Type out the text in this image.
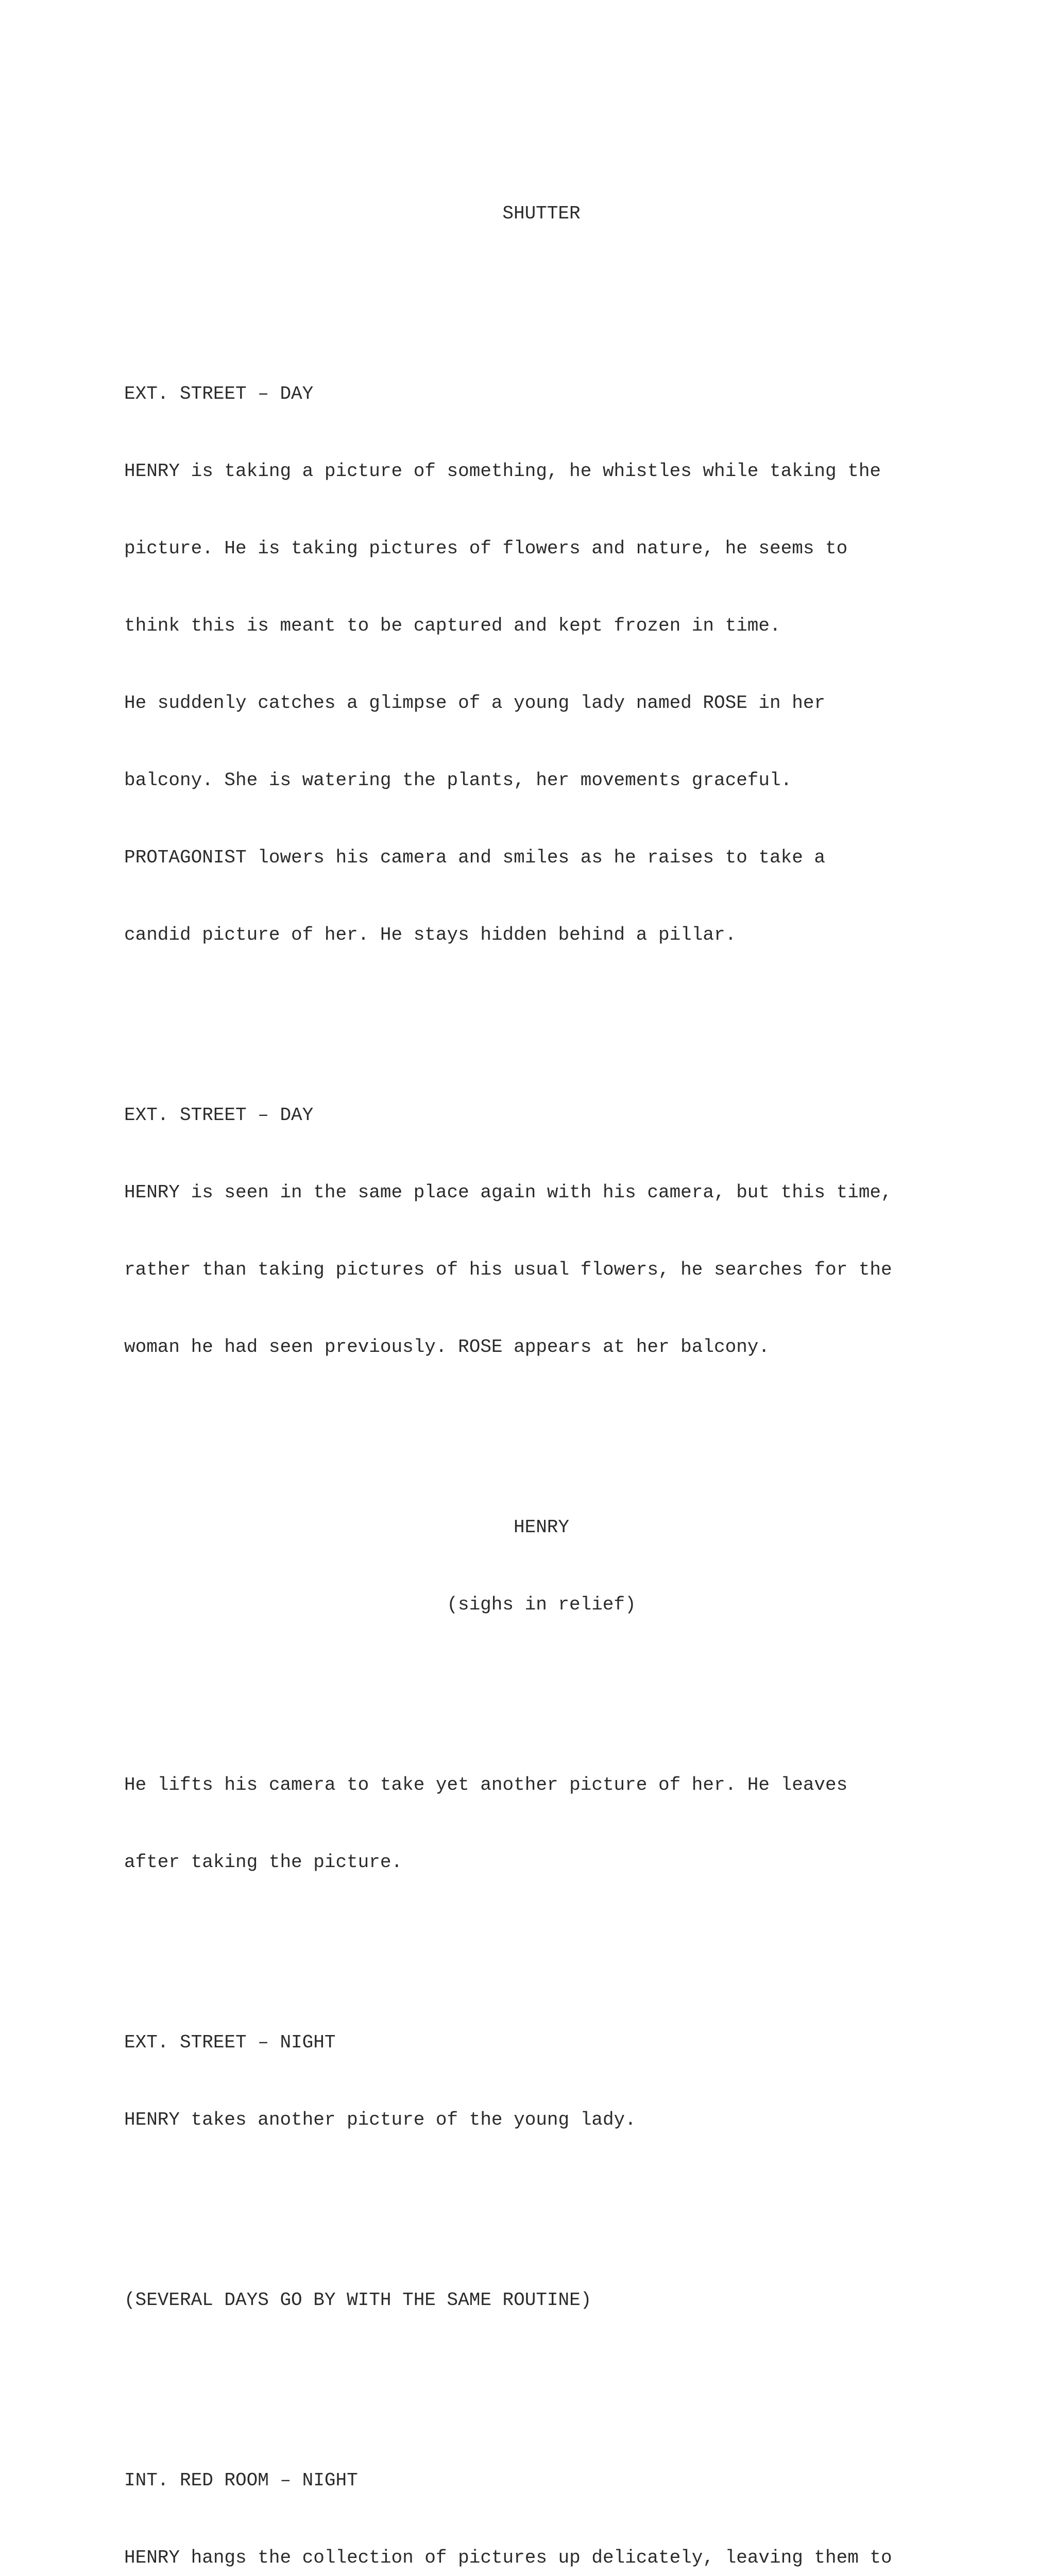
SHUTTER

EXT. STREET – DAY

HENRY is taking a picture of something, he whistles while taking the

picture. He is taking pictures of flowers and nature, he seems to

think this is meant to be captured and kept frozen in time.

He suddenly catches a glimpse of a young lady named ROSE in her

balcony. She is watering the plants, her movements graceful.

PROTAGONIST lowers his camera and smiles as he raises to take a

candid picture of her. He stays hidden behind a pillar.

EXT. STREET – DAY

HENRY is seen in the same place again with his camera, but this time,

rather than taking pictures of his usual flowers, he searches for the

woman he had seen previously. ROSE appears at her balcony.

HENRY

(sighs in relief)

He lifts his camera to take yet another picture of her. He leaves

after taking the picture.

EXT. STREET – NIGHT

HENRY takes another picture of the young lady.

(SEVERAL DAYS GO BY WITH THE SAME ROUTINE)

INT. RED ROOM – NIGHT

HENRY hangs the collection of pictures up delicately, leaving them to
